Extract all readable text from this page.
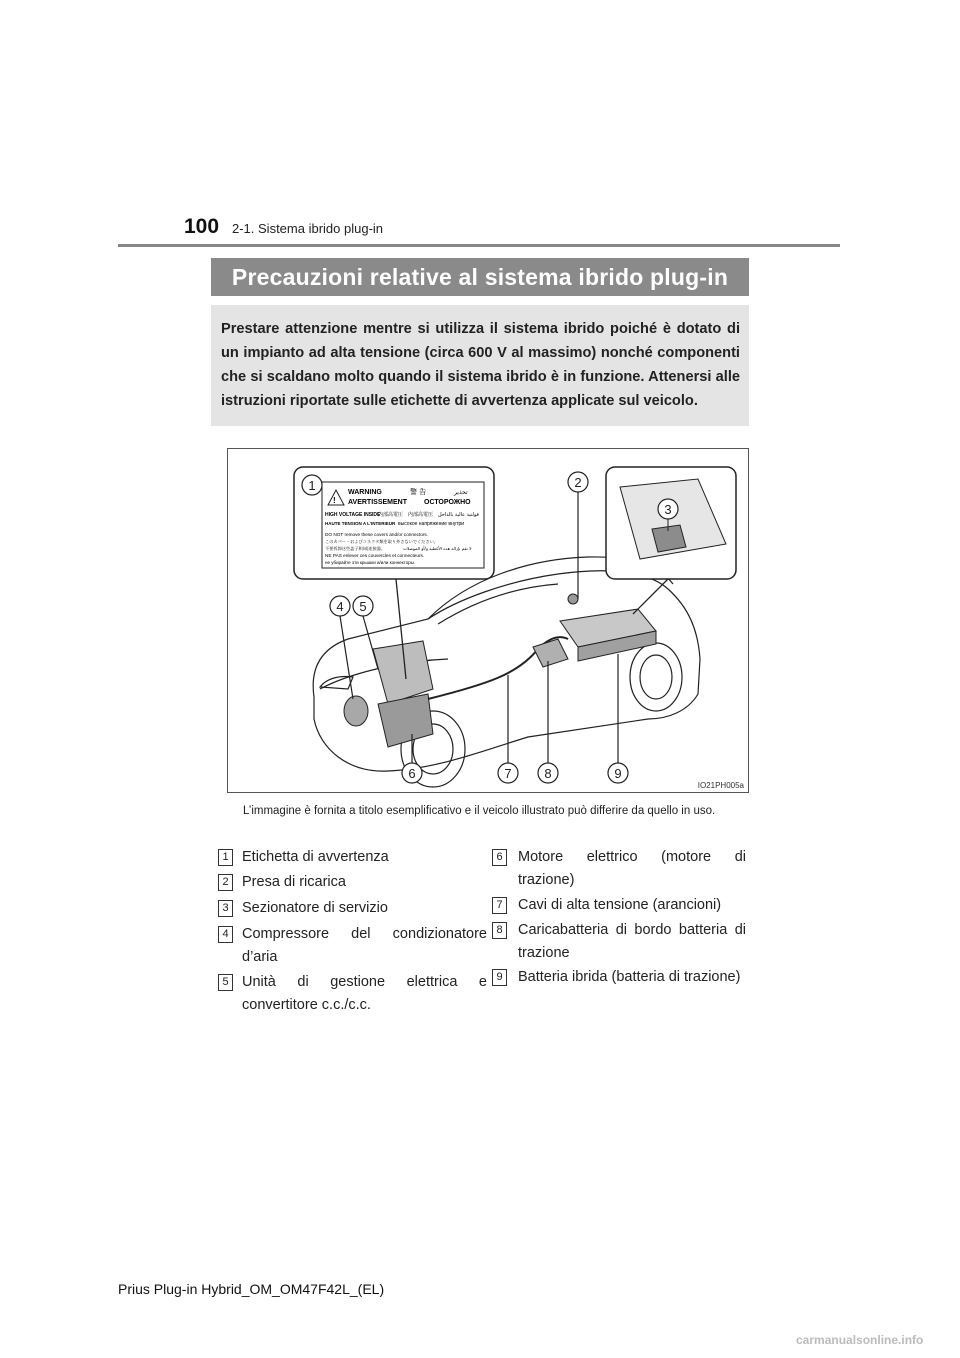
100 2-1. Sistema ibrido plug-in
Precauzioni relative al sistema ibrido plug-in
Prestare attenzione mentre si utilizza il sistema ibrido poiché è dotato di un impianto ad alta tensione (circa 600 V al massimo) nonché componenti che si scaldano molto quando il sistema ibrido è in funzione. Attenersi alle istruzioni riportate sulle etichette di avvertenza applicate sul veicolo.
!
WARNING	警 告	تحذير
AVERTISSEMENT ОСТОРОЖНО
HIGH VOLTAGE INSIDE
内部高電圧 内部高電压 فولتية عالية بالداخل
HAUTE TENSION A L'INTERIEUR высокое напряжение внутри
DO NOT remove these covers and/or connectors.
このカバー・およびコネクタ類を取り外さないでください。
不要拆卸这些盖子和/或连接器。	لا تقم بإزالة هذه الأغطية و/أو الموصلات
NE PAS enlever ces couvercles et connecteurs.
не убирайте эти крышки и/или коннекторы.
1	2
3
4 5
6	7	8	9
IO21PH005a
L’immagine è fornita a titolo esemplificativo e il veicolo illustrato può differire da quello in uso.
1 Etichetta di avvertenza
2 Presa di ricarica
3 Sezionatore di servizio
4 Compressore del condizionatore d’aria
5 Unità di gestione elettrica e convertitore c.c./c.c.
6	Motore elettrico (motore di trazione)
7	Cavi di alta tensione (arancioni)
8	Caricabatteria di bordo batteria di trazione
9	Batteria ibrida (batteria di trazione)
Prius Plug-in Hybrid_OM_OM47F42L_(EL)
carmanualsonline.info
